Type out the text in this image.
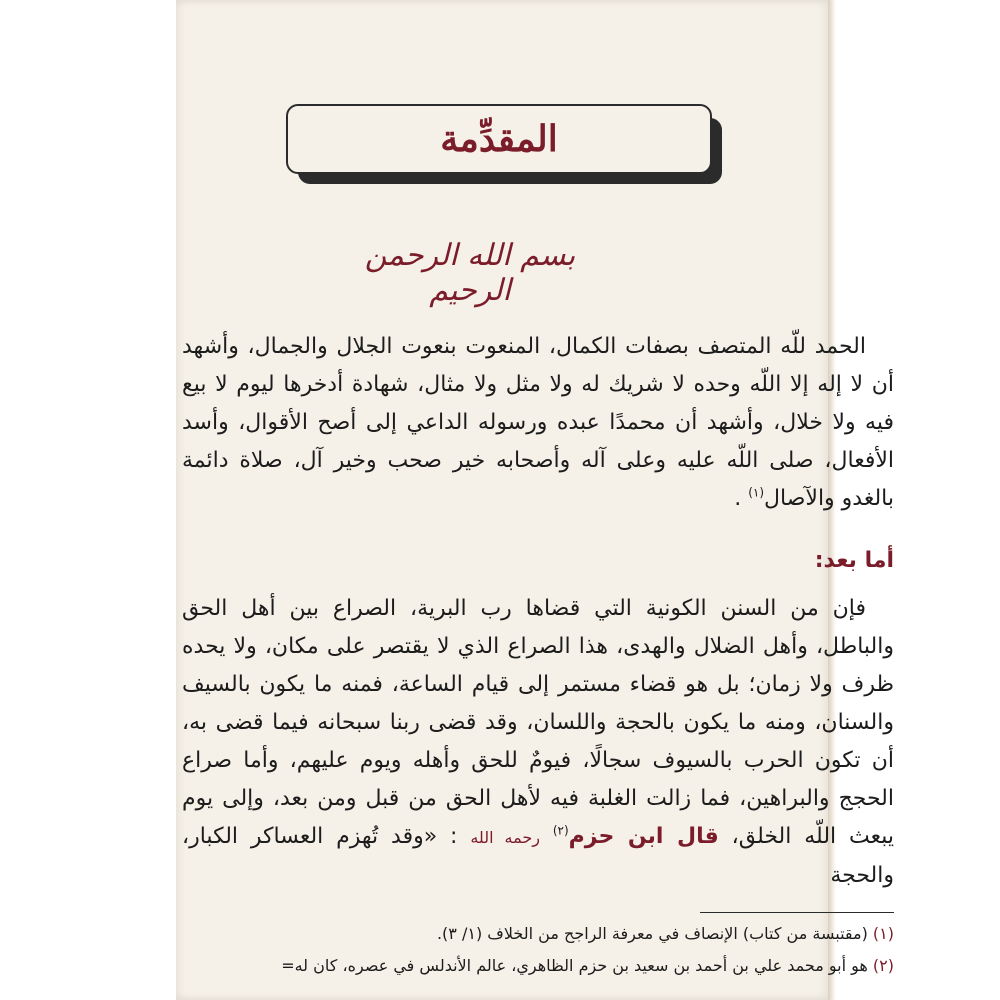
المقدِّمة
بسم الله الرحمن الرحيم

الحمد للّه المتصف بصفات الكمال، المنعوت بنعوت الجلال والجمال، وأشهد أن لا إله إلا اللّه وحده لا شريك له ولا مثل ولا مثال، شهادة أدخرها ليوم لا بيع فيه ولا خلال، وأشهد أن محمدًا عبده ورسوله الداعي إلى أصح الأقوال، وأسد الأفعال، صلى اللّه عليه وعلى آله وأصحابه خير صحب وخير آل، صلاة دائمة بالغدو والآصال$^{(١)}$ .

أما بعد:

فإن من السنن الكونية التي قضاها رب البرية، الصراع بين أهل الحق والباطل، وأهل الضلال والهدى، هذا الصراع الذي لا يقتصر على مكان، ولا يحده ظرف ولا زمان؛ بل هو قضاء مستمر إلى قيام الساعة، فمنه ما يكون بالسيف والسنان، ومنه ما يكون بالحجة واللسان، وقد قضى ربنا سبحانه فيما قضى به، أن تكون الحرب بالسيوف سجالًا، فيومٌ للحق وأهله ويوم عليهم، وأما صراع الحجج والبراهين، فما زالت الغلبة فيه لأهل الحق من قبل ومن بعد، وإلى يوم يبعث اللّه الخلق، قال ابن حزم$^{(٢)}$ رحمه الله : «وقد تُهزم العساكر الكبار، والحجة

(١) (مقتبسة من كتاب) الإنصاف في معرفة الراجح من الخلاف (١/ ٣).
(٢) هو أبو محمد علي بن أحمد بن سعيد بن حزم الظاهري، عالم الأندلس في عصره، كان له=
